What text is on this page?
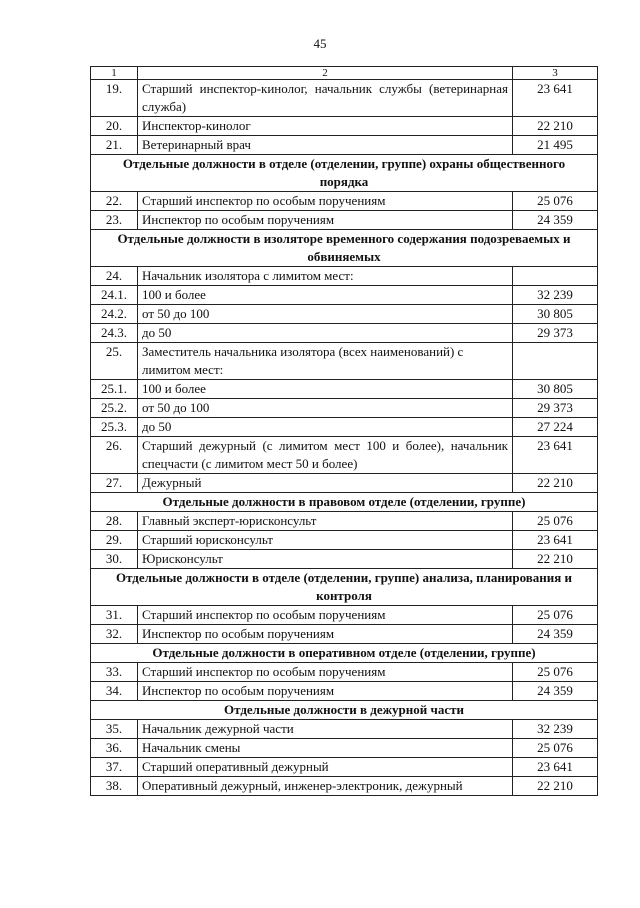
45
1	2	3
19.	Старший инспектор-кинолог, начальник службы (ветеринарная служба)	23 641
20.	Инспектор-кинолог	22 210
21.	Ветеринарный врач	21 495
Отдельные должности в отделе (отделении, группе) охраны общественного порядка		
22.	Старший инспектор по особым поручениям	25 076
23.	Инспектор по особым поручениям	24 359
Отдельные должности в изоляторе временного содержания подозреваемых и обвиняемых		
24.	Начальник изолятора с лимитом мест:	
24.1.	100 и более	32 239
24.2.	от 50 до 100	30 805
24.3.	до 50	29 373
25.	Заместитель начальника изолятора (всех наименований) с лимитом мест:	
25.1.	100 и более	30 805
25.2.	от 50 до 100	29 373
25.3.	до 50	27 224
26.	Старший дежурный (с лимитом мест 100 и более), начальник спецчасти (с лимитом мест 50 и более)	23 641
27.	Дежурный	22 210
Отдельные должности в правовом отделе (отделении, группе)		
28.	Главный эксперт-юрисконсульт	25 076
29.	Старший юрисконсульт	23 641
30.	Юрисконсульт	22 210
Отдельные должности в отделе (отделении, группе) анализа, планирования и контроля		
31.	Старший инспектор по особым поручениям	25 076
32.	Инспектор по особым поручениям	24 359
Отдельные должности в оперативном отделе (отделении, группе)		
33.	Старший инспектор по особым поручениям	25 076
34.	Инспектор по особым поручениям	24 359
Отдельные должности в дежурной части		
35.	Начальник дежурной части	32 239
36.	Начальник смены	25 076
37.	Старший оперативный дежурный	23 641
38.	Оперативный дежурный, инженер-электроник, дежурный	22 210
